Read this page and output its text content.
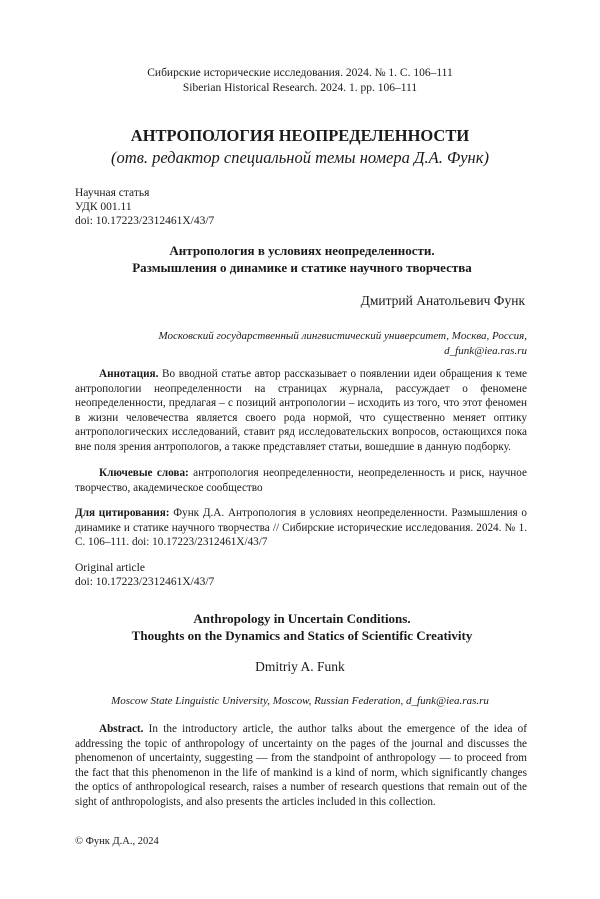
Сибирские исторические исследования. 2024. № 1. С. 106–111
Siberian Historical Research. 2024. 1. pp. 106–111
АНТРОПОЛОГИЯ НЕОПРЕДЕЛЕННОСТИ
(отв. редактор специальной темы номера Д.А. Функ)
Научная статья
УДК 001.11
doi: 10.17223/2312461X/43/7
Антропология в условиях неопределенности.
Размышления о динамике и статике научного творчества
Дмитрий Анатольевич Функ
Московский государственный лингвистический университет, Москва, Россия,
d_funk@iea.ras.ru
Аннотация. Во вводной статье автор рассказывает о появлении идеи обращения к теме антропологии неопределенности на страницах журнала, рассуждает о феномене неопределенности, предлагая – с позиций антропологии – исходить из того, что этот феномен в жизни человечества является своего рода нормой, что существенно меняет оптику антропологических исследований, ставит ряд исследовательских вопросов, остающихся пока вне поля зрения антропологов, а также представляет статьи, вошедшие в данную подборку.
Ключевые слова: антропология неопределенности, неопределенность и риск, научное творчество, академическое сообщество
Для цитирования: Функ Д.А. Антропология в условиях неопределенности. Размышления о динамике и статике научного творчества // Сибирские исторические исследования. 2024. № 1. С. 106–111. doi: 10.17223/2312461X/43/7
Original article
doi: 10.17223/2312461X/43/7
Anthropology in Uncertain Conditions.
Thoughts on the Dynamics and Statics of Scientific Creativity
Dmitriy A. Funk
Moscow State Linguistic University, Moscow, Russian Federation, d_funk@iea.ras.ru
Abstract. In the introductory article, the author talks about the emergence of the idea of addressing the topic of anthropology of uncertainty on the pages of the journal and discusses the phenomenon of uncertainty, suggesting — from the standpoint of anthropology — to proceed from the fact that this phenomenon in the life of mankind is a kind of norm, which significantly changes the optics of anthropological research, raises a number of research questions that remain out of the sight of anthropologists, and also presents the articles included in this collection.
© Функ Д.А., 2024
